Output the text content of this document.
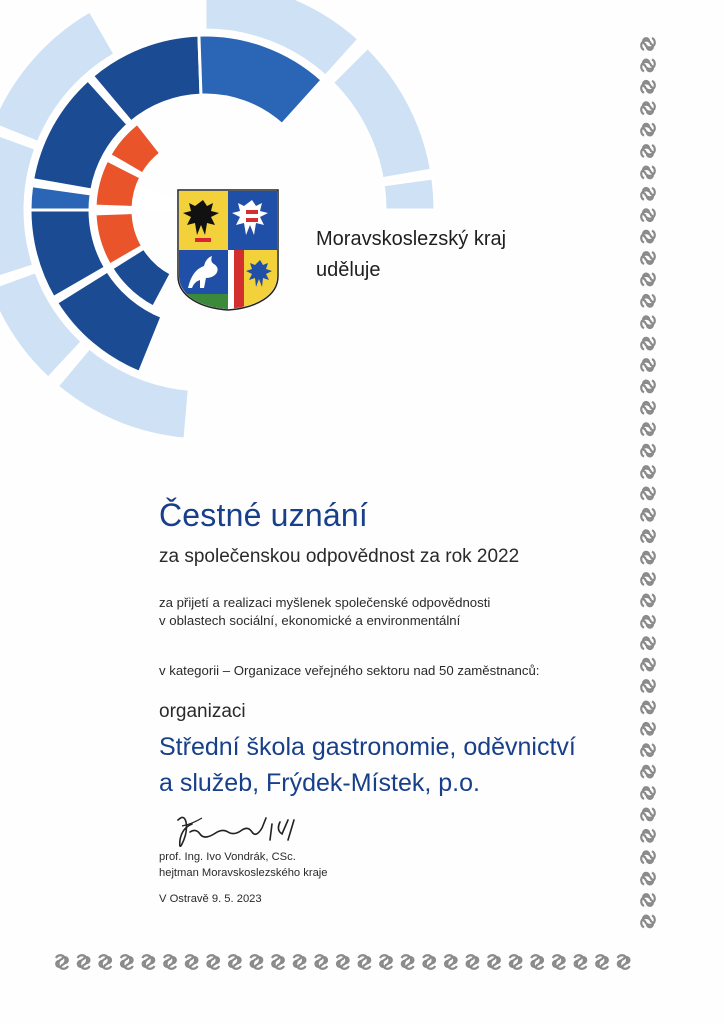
Moravskoslezský kraj
uděluje
Čestné uznání
za společenskou odpovědnost za rok 2022
za přijetí a realizaci myšlenek společenské odpovědnosti
v oblastech sociální, ekonomické a environmentální
v kategorii – Organizace veřejného sektoru nad 50 zaměstnanců:
organizaci
Střední škola gastronomie, oděvnictví
a služeb, Frýdek-Místek, p.o.
prof. Ing. Ivo Vondrák, CSc.
hejtman Moravskoslezského kraje
V Ostravě 9. 5. 2023
